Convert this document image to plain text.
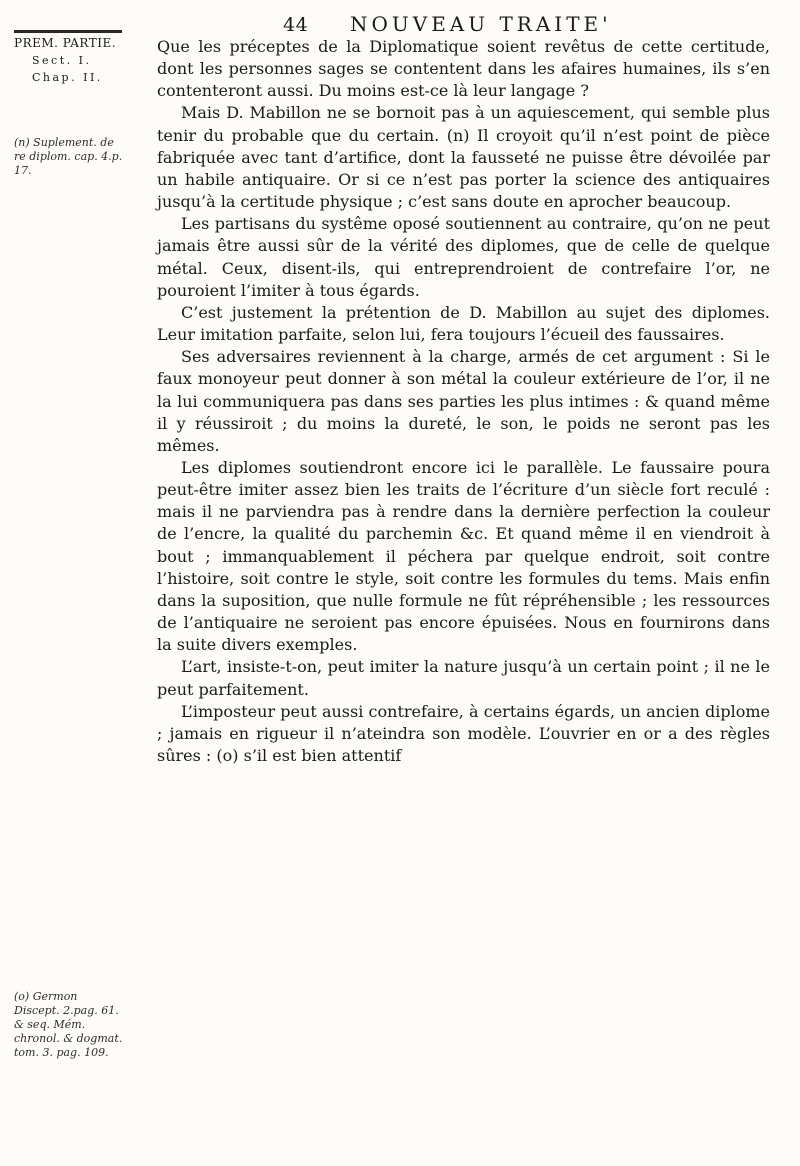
44 NOUVEAU TRAITE'
PREM. PARTIE.
Sect. I.
Chap. II.
(n) Suplement. de re diplom. cap. 4.p. 17.
(o) Germon Discept. 2.pag. 61. & seq. Mém. chronol. & dogmat. tom. 3. pag. 109.

Que les préceptes de la Diplomatique soient revêtus de cette certitude, dont les personnes sages se contentent dans les afaires humaines, ils s’en contenteront aussi. Du moins est-ce là leur langage ?

Mais D. Mabillon ne se bornoit pas à un aquiescement, qui semble plus tenir du probable que du certain. (n) Il croyoit qu’il n’est point de pièce fabriquée avec tant d’artifice, dont la fausseté ne puisse être dévoilée par un habile antiquaire. Or si ce n’est pas porter la science des antiquaires jusqu’à la certitude physique ; c’est sans doute en aprocher beaucoup.

Les partisans du systême oposé soutiennent au contraire, qu’on ne peut jamais être aussi sûr de la vérité des diplomes, que de celle de quelque métal. Ceux, disent-ils, qui entreprendroient de contrefaire l’or, ne pouroient l’imiter à tous égards.

C’est justement la prétention de D. Mabillon au sujet des diplomes. Leur imitation parfaite, selon lui, fera toujours l’écueil des faussaires.

Ses adversaires reviennent à la charge, armés de cet argument : Si le faux monoyeur peut donner à son métal la couleur extérieure de l’or, il ne la lui communiquera pas dans ses parties les plus intimes : & quand même il y réussiroit ; du moins la dureté, le son, le poids ne seront pas les mêmes.

Les diplomes soutiendront encore ici le parallèle. Le faussaire poura peut-être imiter assez bien les traits de l’écriture d’un siècle fort reculé : mais il ne parviendra pas à rendre dans la dernière perfection la couleur de l’encre, la qualité du parchemin &c. Et quand même il en viendroit à bout ; immanquablement il péchera par quelque endroit, soit contre l’histoire, soit contre le style, soit contre les formules du tems. Mais enfin dans la suposition, que nulle formule ne fût répréhensible ; les ressources de l’antiquaire ne seroient pas encore épuisées. Nous en fournirons dans la suite divers exemples.

L’art, insiste-t-on, peut imiter la nature jusqu’à un certain point ; il ne le peut parfaitement.

L’imposteur peut aussi contrefaire, à certains égards, un ancien diplome ; jamais en rigueur il n’ateindra son modèle. L’ouvrier en or a des règles sûres : (o) s’il est bien attentif
